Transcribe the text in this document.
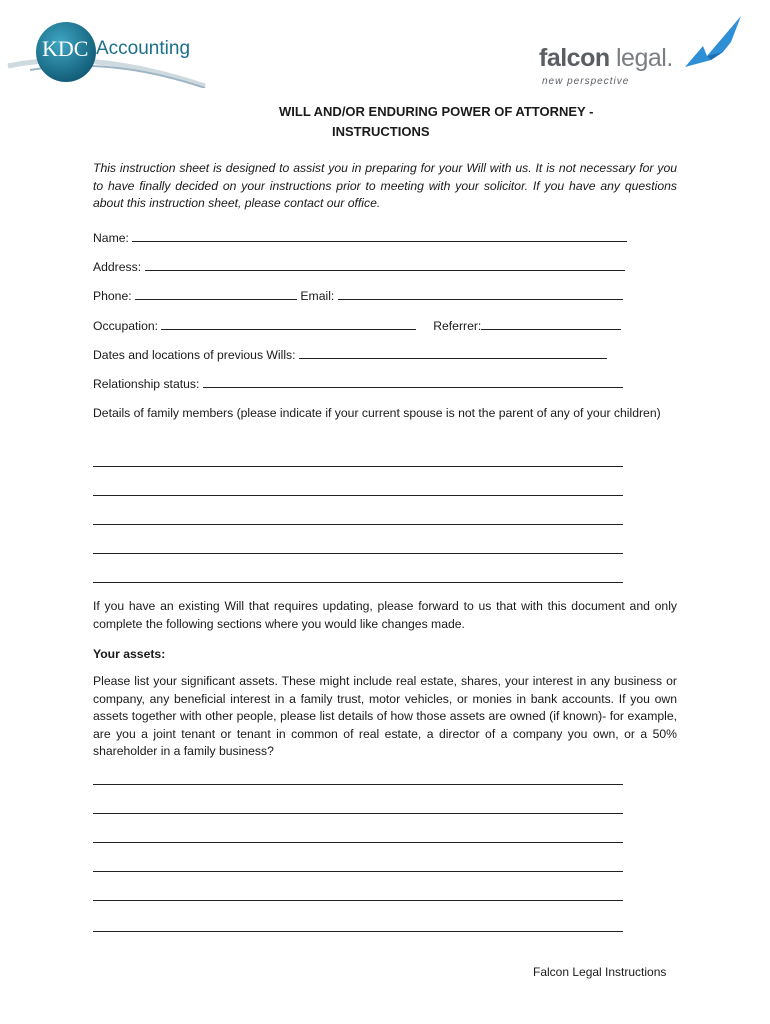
KDC Accounting	falcon legal.
new perspective
WILL AND/OR ENDURING POWER OF ATTORNEY -
INSTRUCTIONS
This instruction sheet is designed to assist you in preparing for your Will with us. It is not necessary for you to have finally decided on your instructions prior to meeting with your solicitor. If you have any questions about this instruction sheet, please contact our office.
Name:
Address:
Phone:	Email:
Occupation:	Referrer:
Dates and locations of previous Wills:
Relationship status:
Details of family members (please indicate if your current spouse is not the parent of any of your children)
If you have an existing Will that requires updating, please forward to us that with this document and only complete the following sections where you would like changes made.
Your assets:
Please list your significant assets. These might include real estate, shares, your interest in any business or company, any beneficial interest in a family trust, motor vehicles, or monies in bank accounts. If you own assets together with other people, please list details of how those assets are owned (if known)- for example, are you a joint tenant or tenant in common of real estate, a director of a company you own, or a 50% shareholder in a family business?
Falcon Legal Instructions
